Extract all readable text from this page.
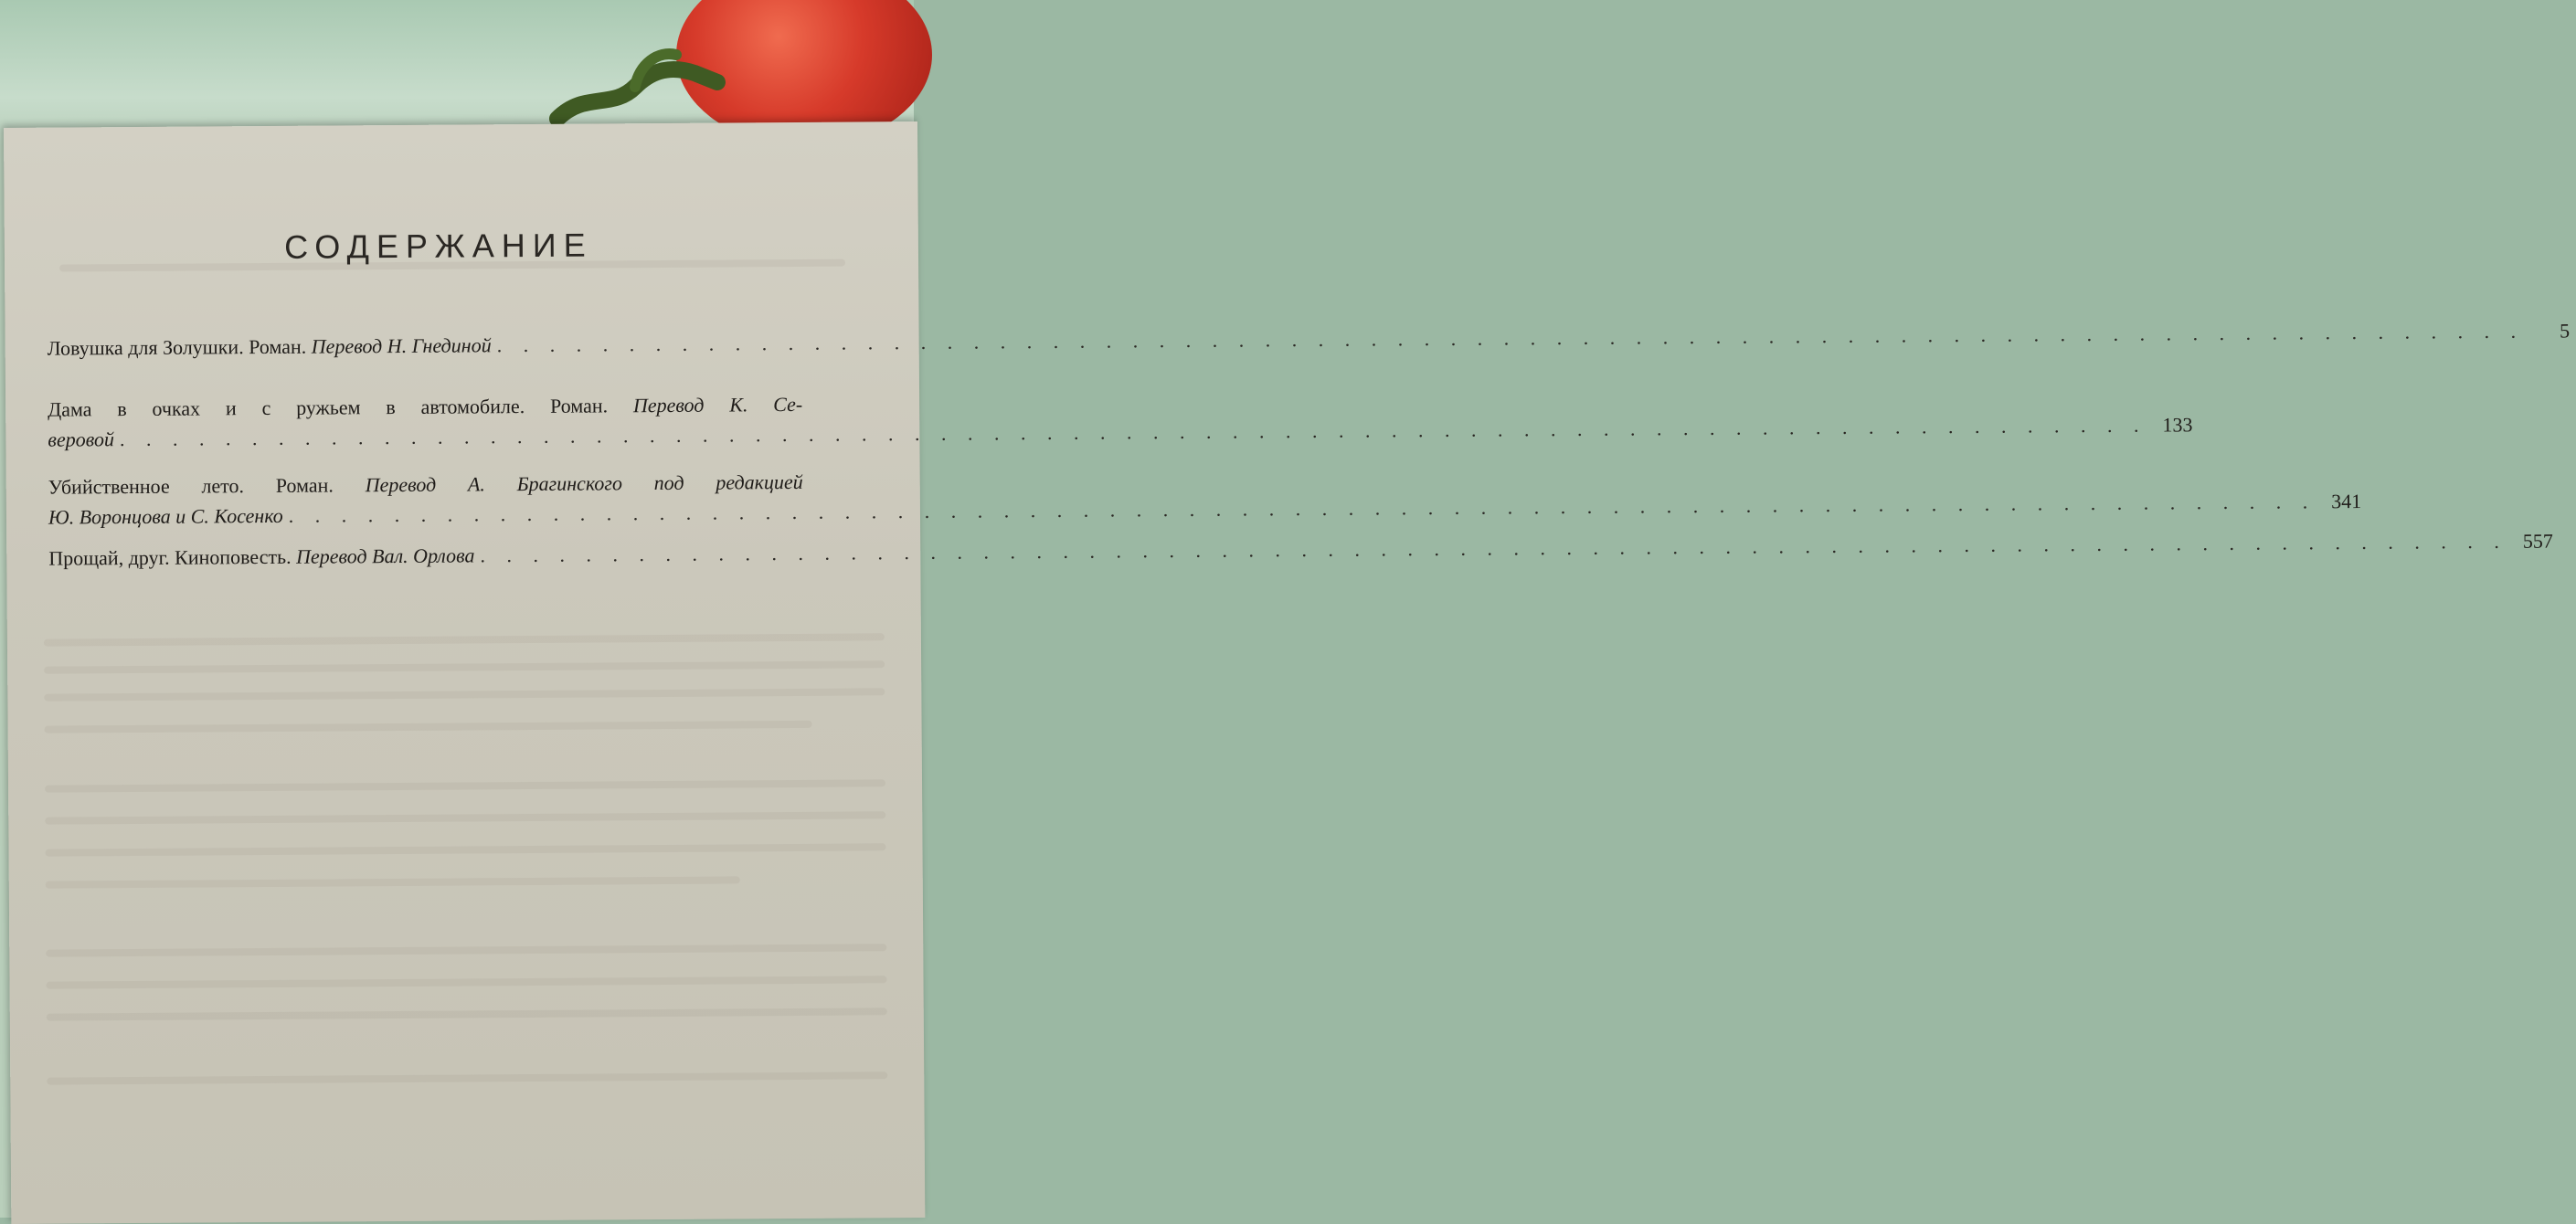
СОДЕРЖАНИЕ
Ловушка для Золушки. Роман. Перевод Н. Гнединой . . . . . . . . . . . . . . . . . . . . . . . . . . . . . . . . . . . . . . . . . . . . . . . . . . . . . . . . . . . . . . . . . . . . . . . . . . . . .	5
Дама в очках и с ружьем в автомобиле. Роман. Перевод К. Се-
веровой . . . . . . . . . . . . . . . . . . . . . . . . . . . . . . . . . . . . . . . . . . . . . . . . . . . . . . . . . . . . . . . . . . . . . . . . . . . . . 133
Убийственное лето. Роман. Перевод А. Брагинского под редакцией
Ю. Воронцова и С. Косенко . . . . . . . . . . . . . . . . . . . . . . . . . . . . . . . . . . . . . . . . . . . . . . . . . . . . . . . . . . . . . . . . . . . . . . . . . . . . . 341
Прощай, друг. Киноповесть. Перевод Вал. Орлова . . . . . . . . . . . . . . . . . . . . . . . . . . . . . . . . . . . . . . . . . . . . . . . . . . . . . . . . . . . . . . . . . . . . . . . . . . . . . 557
